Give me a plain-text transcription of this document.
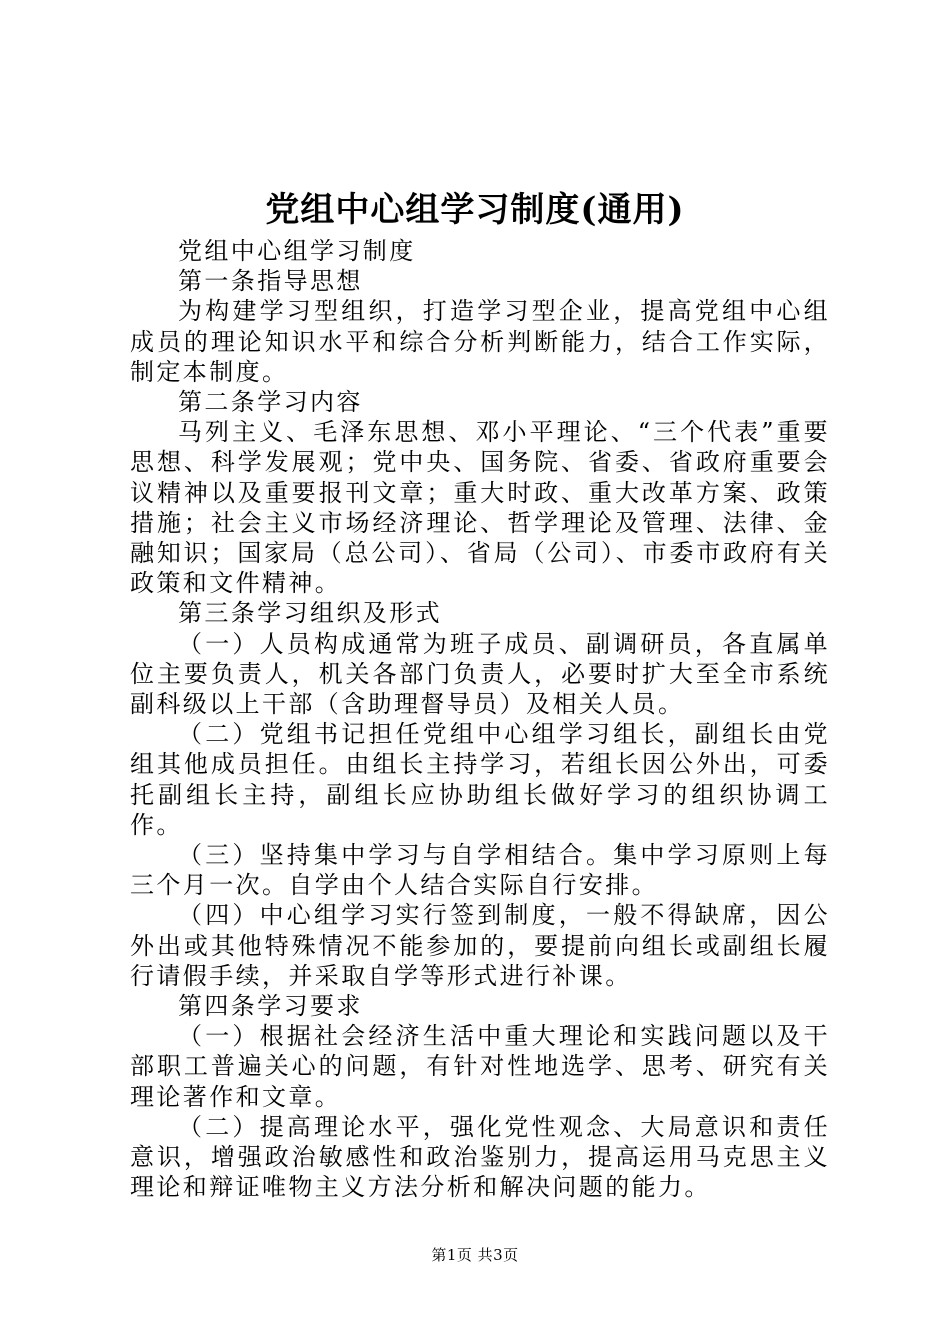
党组中心组学习制度(通用)

党组中心组学习制度

第一条指导思想

为构建学习型组织，打造学习型企业，提高党组中心组成员的理论知识水平和综合分析判断能力，结合工作实际，制定本制度。

第二条学习内容

马列主义、毛泽东思想、邓小平理论、“三个代表”重要思想、科学发展观；党中央、国务院、省委、省政府重要会议精神以及重要报刊文章；重大时政、重大改革方案、政策措施；社会主义市场经济理论、哲学理论及管理、法律、金融知识；国家局（总公司）、省局（公司）、市委市政府有关政策和文件精神。

第三条学习组织及形式

（一）人员构成通常为班子成员、副调研员，各直属单位主要负责人，机关各部门负责人，必要时扩大至全市系统副科级以上干部（含助理督导员）及相关人员。

（二）党组书记担任党组中心组学习组长，副组长由党组其他成员担任。由组长主持学习，若组长因公外出，可委托副组长主持，副组长应协助组长做好学习的组织协调工作。

（三）坚持集中学习与自学相结合。集中学习原则上每三个月一次。自学由个人结合实际自行安排。

（四）中心组学习实行签到制度，一般不得缺席，因公外出或其他特殊情况不能参加的，要提前向组长或副组长履行请假手续，并采取自学等形式进行补课。

第四条学习要求

（一）根据社会经济生活中重大理论和实践问题以及干部职工普遍关心的问题，有针对性地选学、思考、研究有关理论著作和文章。

（二）提高理论水平，强化党性观念、大局意识和责任意识，增强政治敏感性和政治鉴别力，提高运用马克思主义理论和辩证唯物主义方法分析和解决问题的能力。

第1页 共3页
